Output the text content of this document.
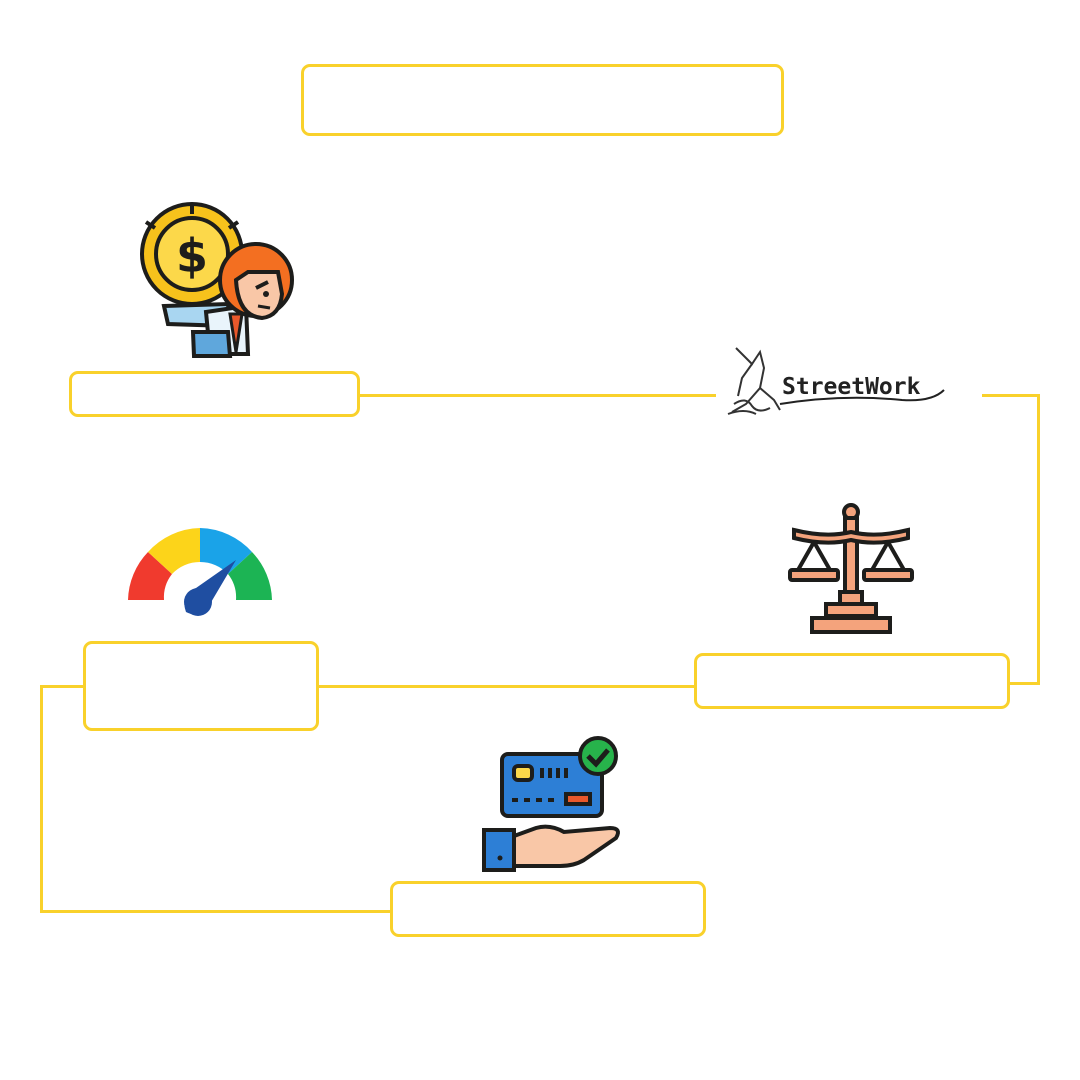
$
StreetWork
